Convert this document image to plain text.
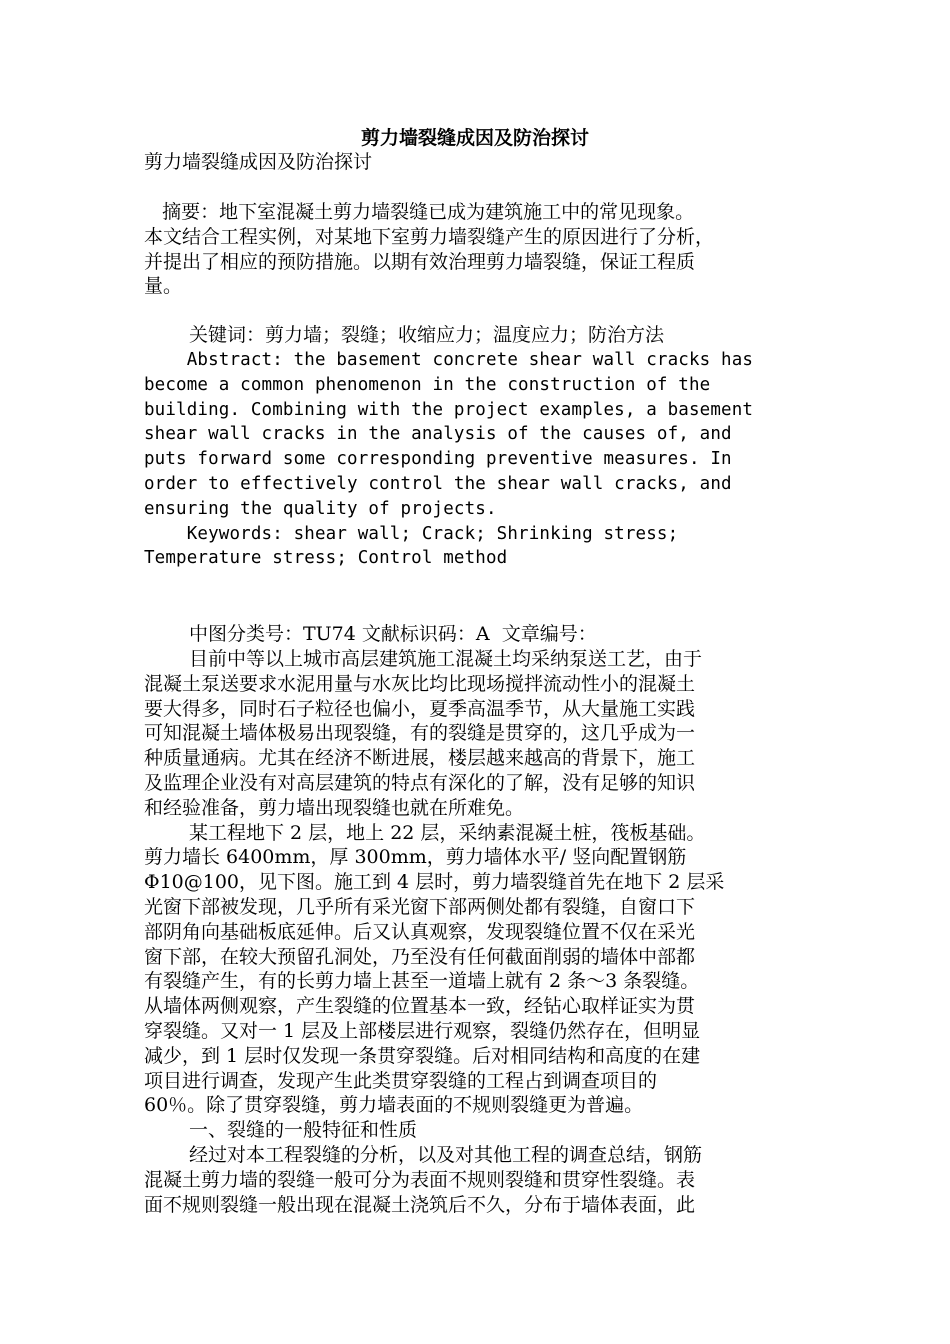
剪力墙裂缝成因及防治探讨
剪力墙裂缝成因及防治探讨
摘要：地下室混凝土剪力墙裂缝已成为建筑施工中的常见现象。
本文结合工程实例，对某地下室剪力墙裂缝产生的原因进行了分析，
并提出了相应的预防措施。以期有效治理剪力墙裂缝，保证工程质
量。
关键词：剪力墙；裂缝；收缩应力；温度应力；防治方法
Abstract: the basement concrete shear wall cracks has
become a common phenomenon in the construction of the
building. Combining with the project examples, a basement
shear wall cracks in the analysis of the causes of, and
puts forward some corresponding preventive measures. In
order to effectively control the shear wall cracks, and
ensuring the quality of projects.
Keywords: shear wall; Crack; Shrinking stress;
Temperature stress; Control method
中图分类号：TU74 文献标识码：A  文章编号：
目前中等以上城市高层建筑施工混凝土均采纳泵送工艺，由于
混凝土泵送要求水泥用量与水灰比均比现场搅拌流动性小的混凝土
要大得多，同时石子粒径也偏小，夏季高温季节，从大量施工实践
可知混凝土墙体极易出现裂缝，有的裂缝是贯穿的，这几乎成为一
种质量通病。尤其在经济不断进展，楼层越来越高的背景下，施工
及监理企业没有对高层建筑的特点有深化的了解，没有足够的知识
和经验准备，剪力墙出现裂缝也就在所难免。
某工程地下 2 层，地上 22 层，采纳素混凝土桩，筏板基础。
剪力墙长 6400mm，厚 300mm，剪力墙体水平/ 竖向配置钢筋
Φ10@100，见下图。施工到 4 层时，剪力墙裂缝首先在地下 2 层采
光窗下部被发现，几乎所有采光窗下部两侧处都有裂缝，自窗口下
部阴角向基础板底延伸。后又认真观察，发现裂缝位置不仅在采光
窗下部，在较大预留孔洞处，乃至没有任何截面削弱的墙体中部都
有裂缝产生，有的长剪力墙上甚至一道墙上就有 2 条～3 条裂缝。
从墙体两侧观察，产生裂缝的位置基本一致，经钻心取样证实为贯
穿裂缝。又对一 1 层及上部楼层进行观察，裂缝仍然存在，但明显
减少，到 1 层时仅发现一条贯穿裂缝。后对相同结构和高度的在建
项目进行调查，发现产生此类贯穿裂缝的工程占到调查项目的
60％。除了贯穿裂缝，剪力墙表面的不规则裂缝更为普遍。
一、裂缝的一般特征和性质
经过对本工程裂缝的分析，以及对其他工程的调查总结，钢筋
混凝土剪力墙的裂缝一般可分为表面不规则裂缝和贯穿性裂缝。表
面不规则裂缝一般出现在混凝土浇筑后不久，分布于墙体表面，此
